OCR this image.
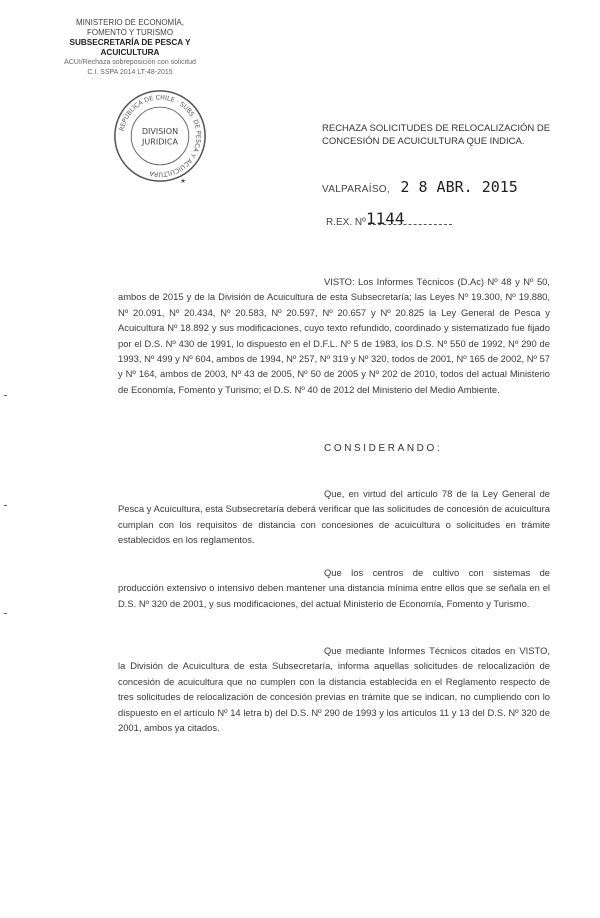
MINISTERIO DE ECONOMÍA,
FOMENTO Y TURISMO
SUBSECRETARÍA DE PESCA Y ACUICULTURA
ACUI/Rechaza sobreposición con solicitud
C.I. SSPA 2014 LT-48-2015
REPÚBLICA DE CHILE · SUBS. DE PESCA Y ACUICULTURA
DIVISION
JURIDICA
★
RECHAZA SOLICITUDES DE RELOCALIZACIÓN DE CONCESIÓN DE ACUICULTURA QUE INDICA.
VALPARAÍSO, 2 8 ABR. 2015
R.EX. Nº 1144
VISTO: Los Informes Técnicos (D.Ac) Nº 48 y Nº 50, ambos de 2015 y de la División de Acuicultura de esta Subsecretaría; las Leyes Nº 19.300, Nº 19.880, Nº 20.091, Nº 20.434, Nº 20.583, Nº 20.597, Nº 20.657 y Nº 20.825 la Ley General de Pesca y Acuicultura Nº 18.892 y sus modificaciones, cuyo texto refundido, coordinado y sistematizado fue fijado por el D.S. Nº 430 de 1991, lo dispuesto en el D.F.L. Nº 5 de 1983, los D.S. Nº 550 de 1992, Nº 290 de 1993, Nº 499 y Nº 604, ambos de 1994, Nº 257, Nº 319 y Nº 320, todos de 2001, Nº 165 de 2002, Nº 57 y Nº 164, ambos de 2003, Nº 43 de 2005, Nº 50 de 2005 y Nº 202 de 2010, todos del actual Ministerio de Economía, Fomento y Turismo; el D.S. Nº 40 de 2012 del Ministerio del Medio Ambiente.
CONSIDERANDO:
Que, en virtud del artículo 78 de la Ley General de Pesca y Acuicultura, esta Subsecretaría deberá verificar que las solicitudes de concesión de acuicultura cumplan con los requisitos de distancia con concesiones de acuicultura o solicitudes en trámite establecidos en los reglamentos.
Que los centros de cultivo con sistemas de producción extensivo o intensivo deben mantener una distancia mínima entre ellos que se señala en el D.S. Nº 320 de 2001, y sus modificaciones, del actual Ministerio de Economía, Fomento y Turismo.
Que mediante Informes Técnicos citados en VISTO, la División de Acuicultura de esta Subsecretaría, informa aquellas solicitudes de relocalización de concesión de acuicultura que no cumplen con la distancia establecida en el Reglamento respecto de tres solicitudes de relocalización de concesión previas en trámite que se indican, no cumpliendo con lo dispuesto en el artículo Nº 14 letra b) del D.S. Nº 290 de 1993 y los artículos 11 y 13 del D.S. Nº 320 de 2001, ambos ya citados.
